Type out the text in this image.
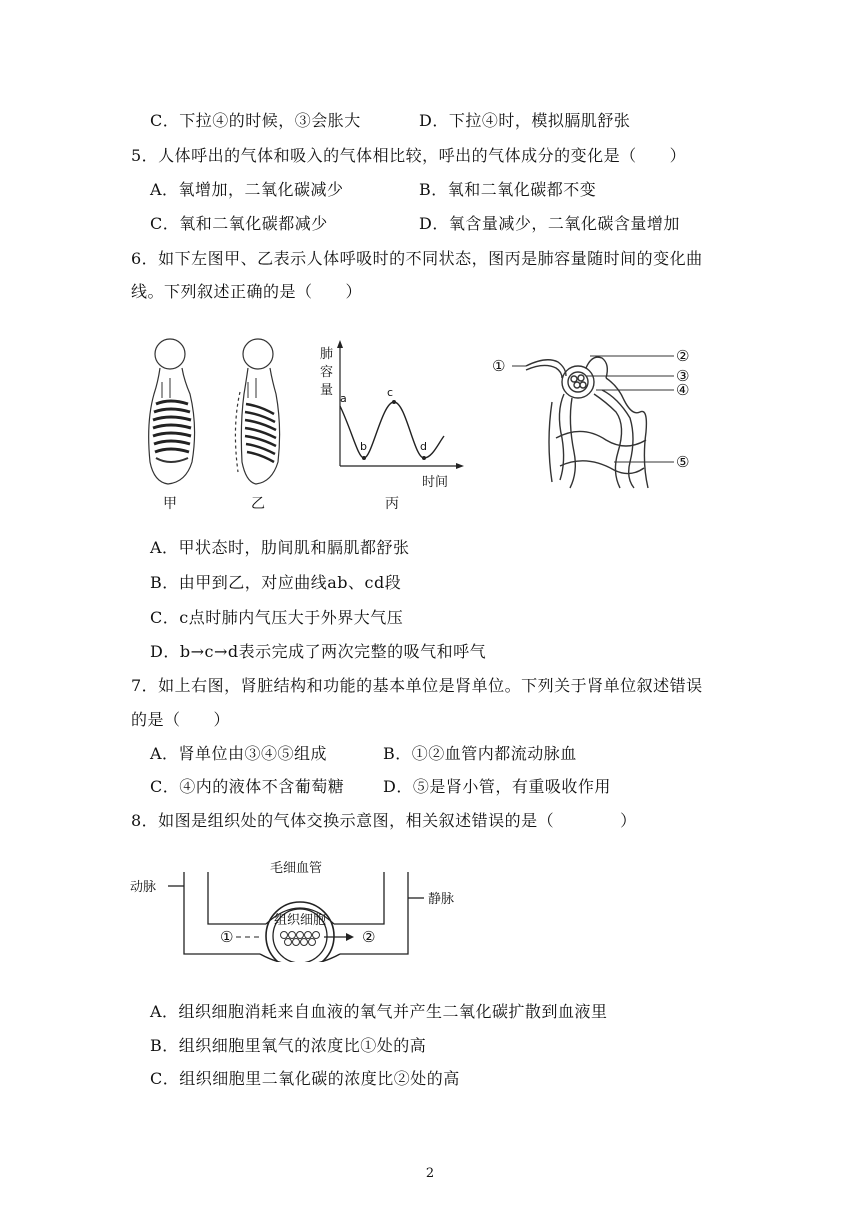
C．下拉④的时候，③会胀大	D．下拉④时，模拟膈肌舒张
5．人体呼出的气体和吸入的气体相比较，呼出的气体成分的变化是（　　）
A．氧增加，二氧化碳减少	B．氧和二氧化碳都不变
C．氧和二氧化碳都减少	D．氧含量减少，二氧化碳含量增加
6．如下左图甲、乙表示人体呼吸时的不同状态，图丙是肺容量随时间的变化曲
线。下列叙述正确的是（　　）
甲	乙
肺
容
量
a
b
c
d
时间
丙
①
②
③
④
⑤
A．甲状态时，肋间肌和膈肌都舒张
B．由甲到乙，对应曲线ab、cd段
C．c点时肺内气压大于外界大气压
D．b→c→d表示完成了两次完整的吸气和呼气
7．如上右图，肾脏结构和功能的基本单位是肾单位。下列关于肾单位叙述错误
的是（　　）
A．肾单位由③④⑤组成	B．①②血管内都流动脉血
C．④内的液体不含葡萄糖 D．⑤是肾小管，有重吸收作用
8．如图是组织处的气体交换示意图，相关叙述错误的是（　　　　）
毛细血管
动脉
静脉
组织细胞
①	②
A．组织细胞消耗来自血液的氧气并产生二氧化碳扩散到血液里
B．组织细胞里氧气的浓度比①处的高
C．组织细胞里二氧化碳的浓度比②处的高
2
